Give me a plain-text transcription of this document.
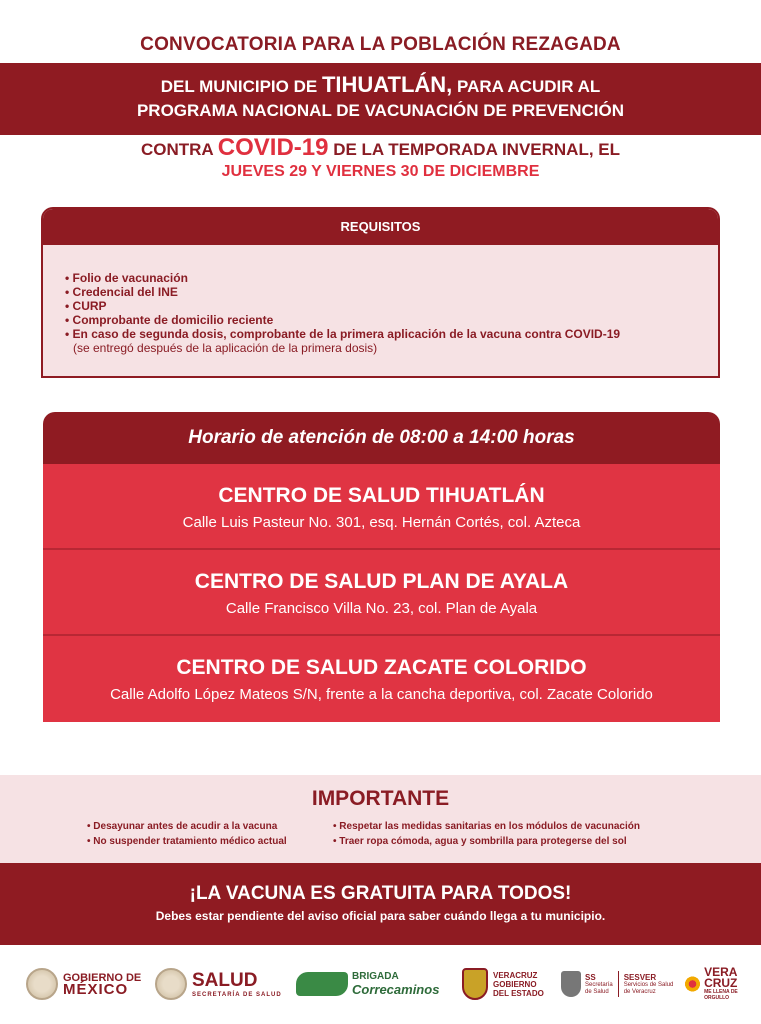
CONVOCATORIA PARA LA POBLACIÓN REZAGADA
DEL MUNICIPIO DE TIHUATLÁN, PARA ACUDIR AL
PROGRAMA NACIONAL DE VACUNACIÓN DE PREVENCIÓN
CONTRA COVID-19 DE LA TEMPORADA INVERNAL, EL
JUEVES 29 Y VIERNES 30 DE DICIEMBRE
REQUISITOS
• Folio de vacunación
• Credencial del INE
• CURP
• Comprobante de domicilio reciente
• En caso de segunda dosis, comprobante de la primera aplicación de la vacuna contra COVID-19
(se entregó después de la aplicación de la primera dosis)
Horario de atención de 08:00 a 14:00 horas
CENTRO DE SALUD TIHUATLÁN
Calle Luis Pasteur No. 301, esq. Hernán Cortés, col. Azteca
CENTRO DE SALUD PLAN DE AYALA
Calle Francisco Villa No. 23, col. Plan de Ayala
CENTRO DE SALUD ZACATE COLORIDO
Calle Adolfo López Mateos S/N, frente a la cancha deportiva, col. Zacate Colorido
IMPORTANTE
• Desayunar antes de acudir a la vacuna
• No suspender tratamiento médico actual
• Respetar las medidas sanitarias en los módulos de vacunación
• Traer ropa cómoda, agua y sombrilla para protegerse del sol
¡LA VACUNA ES GRATUITA PARA TODOS!
Debes estar pendiente del aviso oficial para saber cuándo llega a tu municipio.
GOBIERNO DE
MÉXICO	SALUD
SECRETARÍA DE SALUD
BRIGADA
Correcaminos
VERACRUZ
GOBIERNO
DEL ESTADO
SS
Secretaría
de Salud
SESVER
Servicios de Salud
de Veracruz
VERA
CRUZ
ME LLENA DE ORGULLO
